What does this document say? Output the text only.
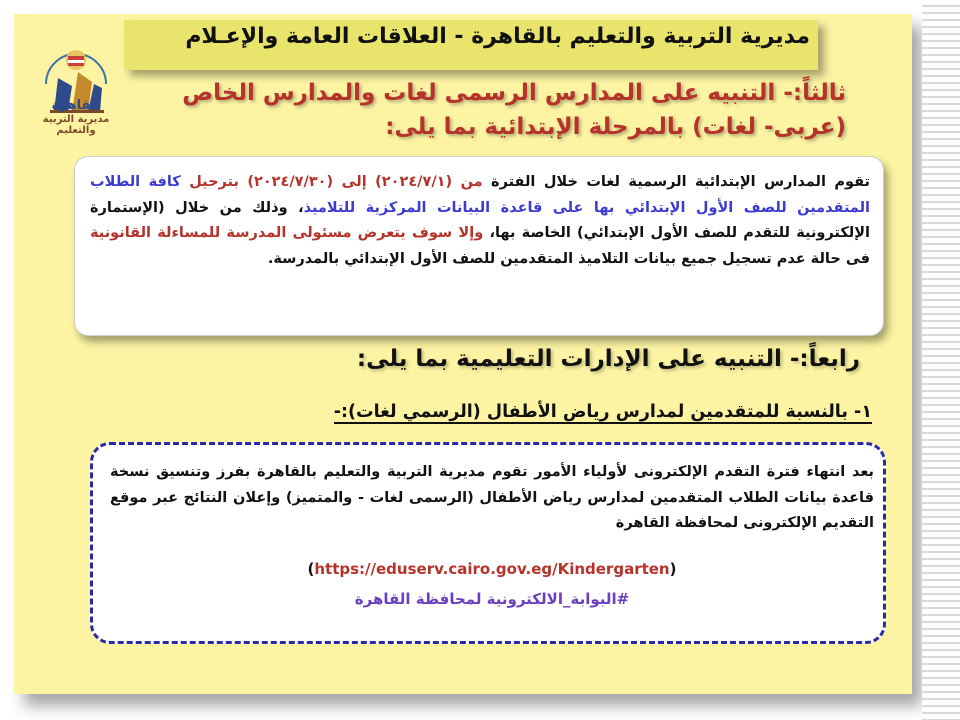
مديرية التربية والتعليم بالقاهرة - العلاقات العامة والإعـلام
القاهرة
مديرية التربية والتعليم
ثالثاً:- التنبيه على المدارس الرسمى لغات والمدارس الخاص
(عربى- لغات) بالمرحلة الإبتدائية بما يلى:
تقوم المدارس الإبتدائية الرسمية لغات خلال الفترة من (٢٠٢٤/٧/١) إلى (٢٠٢٤/٧/٣٠) بترحيل كافة الطلاب المتقدمين للصف الأول الإبتدائي بها على قاعدة البيانات المركزية للتلاميذ، وذلك من خلال (الإستمارة الإلكترونية للتقدم للصف الأول الإبتدائي) الخاصة بها، وإلا سوف يتعرض مسئولى المدرسة للمساءلة القانونية فى حالة عدم تسجيل جميع بيانات التلاميذ المتقدمين للصف الأول الإبتدائي بالمدرسة.
رابعاً:- التنبيه على الإدارات التعليمية بما يلى:
١- بالنسبة للمتقدمين لمدارس رياض الأطفال (الرسمي لغات):-
بعد انتهاء فترة التقدم الإلكترونى لأولياء الأمور تقوم مديرية التربية والتعليم بالقاهرة بفرز وتنسيق نسخة قاعدة بيانات الطلاب المتقدمين لمدارس رياض الأطفال (الرسمى لغات - والمتميز) وإعلان النتائج عبر موقع التقديم الإلكترونى لمحافظة القاهرة
(https://eduserv.cairo.gov.eg/Kindergarten)
#البوابة_الالكترونية لمحافظة القاهرة
